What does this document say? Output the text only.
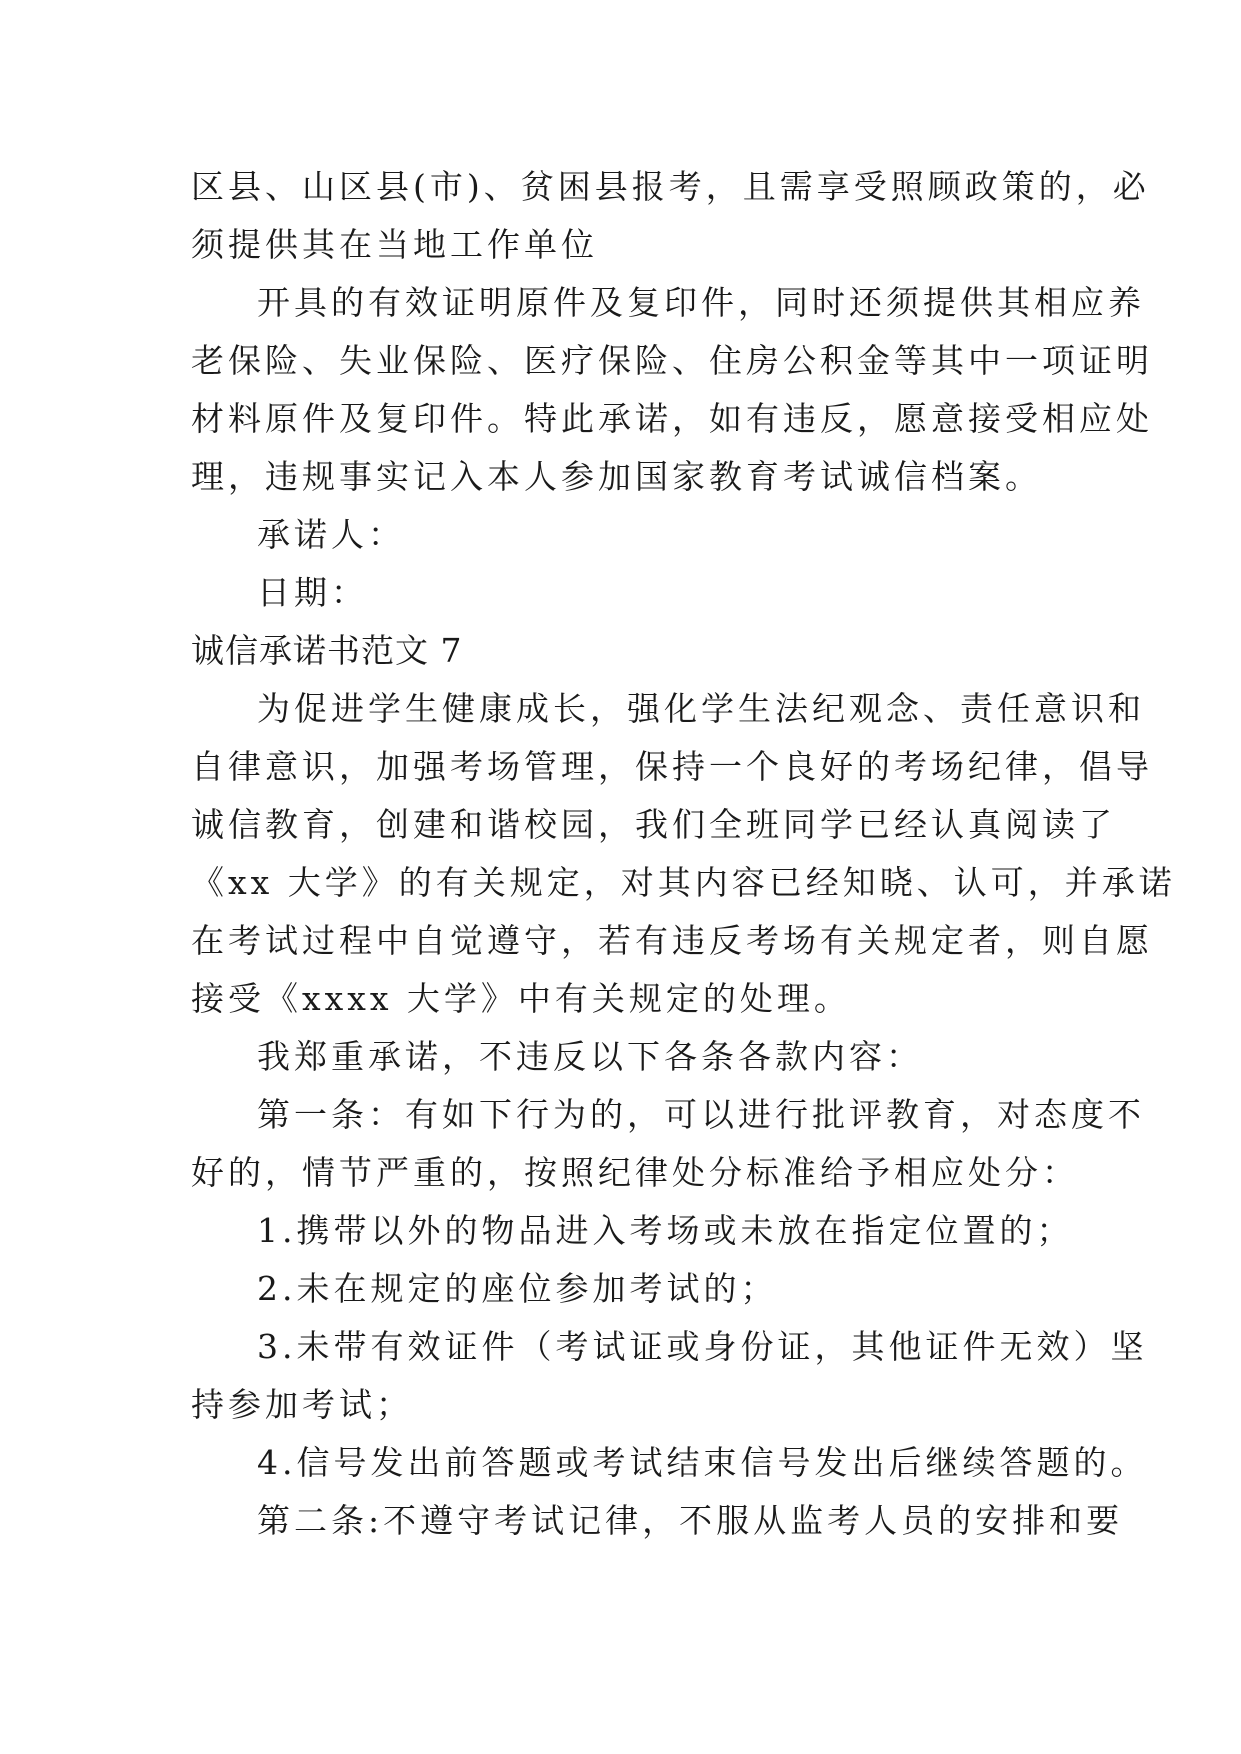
区县、山区县(市)、贫困县报考，且需享受照顾政策的，必
须提供其在当地工作单位
开具的有效证明原件及复印件，同时还须提供其相应养
老保险、失业保险、医疗保险、住房公积金等其中一项证明
材料原件及复印件。特此承诺，如有违反，愿意接受相应处
理，违规事实记入本人参加国家教育考试诚信档案。
承诺人：
日期：
诚信承诺书范文 7
为促进学生健康成长，强化学生法纪观念、责任意识和
自律意识，加强考场管理，保持一个良好的考场纪律，倡导
诚信教育，创建和谐校园，我们全班同学已经认真阅读了
《xx 大学》的有关规定，对其内容已经知晓、认可，并承诺
在考试过程中自觉遵守，若有违反考场有关规定者，则自愿
接受《xxxx 大学》中有关规定的处理。
我郑重承诺，不违反以下各条各款内容：
第一条：有如下行为的，可以进行批评教育，对态度不
好的，情节严重的，按照纪律处分标准给予相应处分：
1.携带以外的物品进入考场或未放在指定位置的；
2.未在规定的座位参加考试的；
3.未带有效证件（考试证或身份证，其他证件无效）坚
持参加考试；
4.信号发出前答题或考试结束信号发出后继续答题的。
第二条:不遵守考试记律，不服从监考人员的安排和要
